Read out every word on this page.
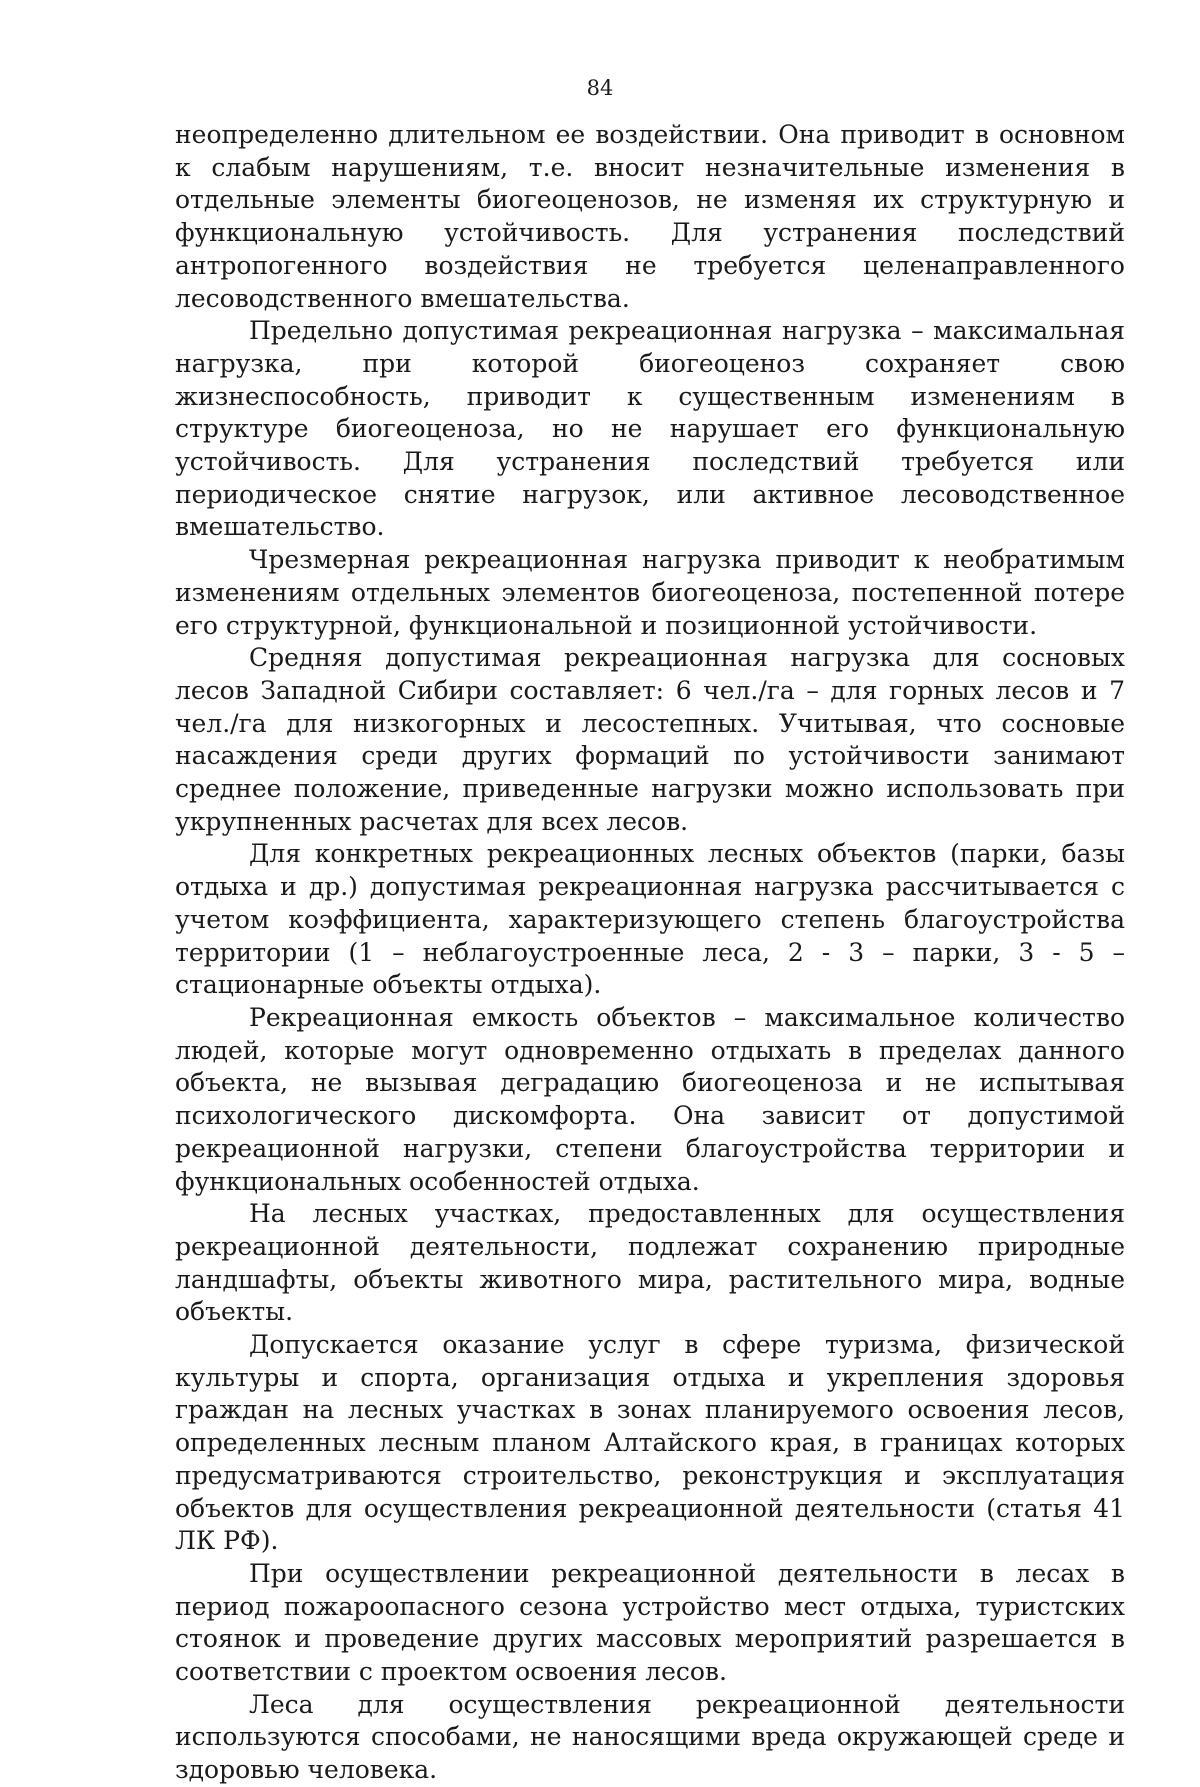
84

неопределенно длительном ее воздействии. Она приводит в основном к слабым нарушениям, т.е. вносит незначительные изменения в отдельные элементы биогеоценозов, не изменяя их структурную и функциональную устойчивость. Для устранения последствий антропогенного воздействия не требуется целенаправленного лесоводственного вмешательства.

Предельно допустимая рекреационная нагрузка – максимальная нагрузка, при которой биогеоценоз сохраняет свою жизнеспособность, приводит к существенным изменениям в структуре биогеоценоза, но не нарушает его функциональную устойчивость. Для устранения последствий требуется или периодическое снятие нагрузок, или активное лесоводственное вмешательство.

Чрезмерная рекреационная нагрузка приводит к необратимым изменениям отдельных элементов биогеоценоза, постепенной потере его структурной, функциональной и позиционной устойчивости.

Средняя допустимая рекреационная нагрузка для сосновых лесов Западной Сибири составляет: 6 чел./га – для горных лесов и 7 чел./га для низкогорных и лесостепных. Учитывая, что сосновые насаждения среди других формаций по устойчивости занимают среднее положение, приведенные нагрузки можно использовать при укрупненных расчетах для всех лесов.

Для конкретных рекреационных лесных объектов (парки, базы отдыха и др.) допустимая рекреационная нагрузка рассчитывается с учетом коэффициента, характеризующего степень благоустройства территории (1 – неблагоустроенные леса, 2 - 3 – парки, 3 - 5 – стационарные объекты отдыха).

Рекреационная емкость объектов – максимальное количество людей, которые могут одновременно отдыхать в пределах данного объекта, не вызывая деградацию биогеоценоза и не испытывая психологического дискомфорта. Она зависит от допустимой рекреационной нагрузки, степени благоустройства территории и функциональных особенностей отдыха.

На лесных участках, предоставленных для осуществления рекреационной деятельности, подлежат сохранению природные ландшафты, объекты животного мира, растительного мира, водные объекты.

Допускается оказание услуг в сфере туризма, физической культуры и спорта, организация отдыха и укрепления здоровья граждан на лесных участках в зонах планируемого освоения лесов, определенных лесным планом Алтайского края, в границах которых предусматриваются строительство, реконструкция и эксплуатация объектов для осуществления рекреационной деятельности (статья 41 ЛК РФ).

При осуществлении рекреационной деятельности в лесах в период пожароопасного сезона устройство мест отдыха, туристских стоянок и проведение других массовых мероприятий разрешается в соответствии с проектом освоения лесов.

Леса для осуществления рекреационной деятельности используются способами, не наносящими вреда окружающей среде и здоровью человека.
